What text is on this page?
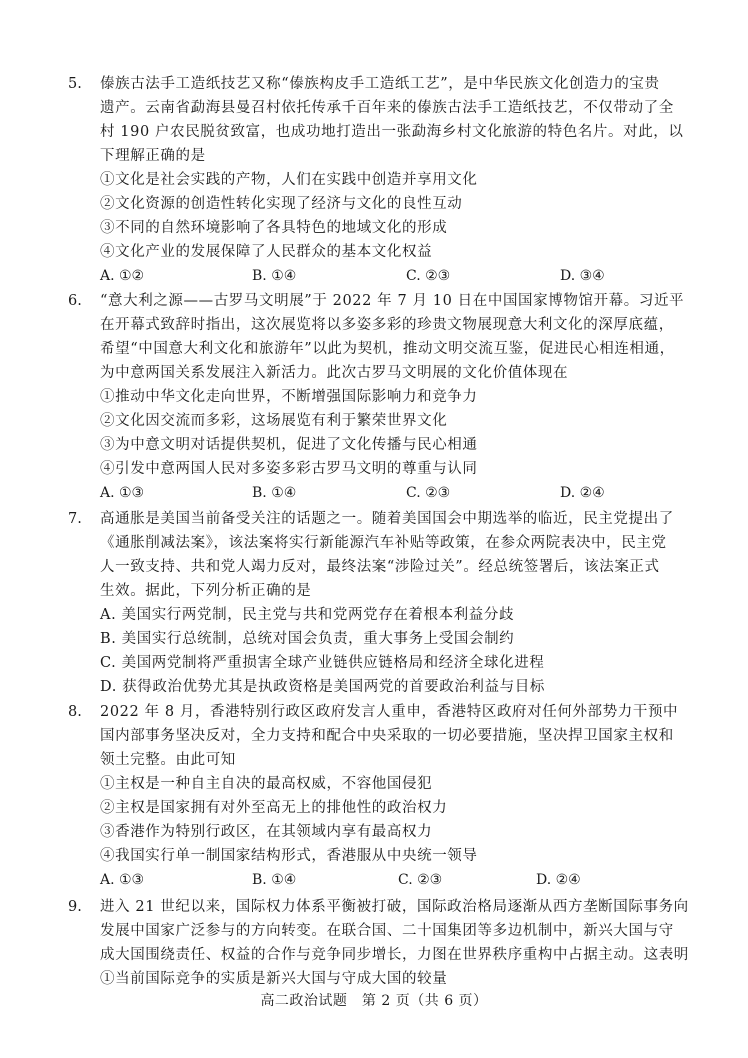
5. 傣族古法手工造纸技艺又称“傣族构皮手工造纸工艺”，是中华民族文化创造力的宝贵
遗产。云南省勐海县曼召村依托传承千百年来的傣族古法手工造纸技艺，不仅带动了全
村 190 户农民脱贫致富，也成功地打造出一张勐海乡村文化旅游的特色名片。对此，以
下理解正确的是
①文化是社会实践的产物，人们在实践中创造并享用文化
②文化资源的创造性转化实现了经济与文化的良性互动
③不同的自然环境影响了各具特色的地域文化的形成
④文化产业的发展保障了人民群众的基本文化权益
A. ①②	B. ①④	C. ②③	D. ③④
6. “意大利之源——古罗马文明展”于 2022 年 7 月 10 日在中国国家博物馆开幕。习近平
在开幕式致辞时指出，这次展览将以多姿多彩的珍贵文物展现意大利文化的深厚底蕴，
希望“中国意大利文化和旅游年”以此为契机，推动文明交流互鉴，促进民心相连相通，
为中意两国关系发展注入新活力。此次古罗马文明展的文化价值体现在
①推动中华文化走向世界，不断增强国际影响力和竞争力
②文化因交流而多彩，这场展览有利于繁荣世界文化
③为中意文明对话提供契机，促进了文化传播与民心相通
④引发中意两国人民对多姿多彩古罗马文明的尊重与认同
A. ①③	B. ①④	C. ②③	D. ②④
7. 高通胀是美国当前备受关注的话题之一。随着美国国会中期选举的临近，民主党提出了
《通胀削减法案》，该法案将实行新能源汽车补贴等政策，在参众两院表决中，民主党
人一致支持、共和党人竭力反对，最终法案“涉险过关”。经总统签署后，该法案正式
生效。据此，下列分析正确的是
A. 美国实行两党制，民主党与共和党两党存在着根本利益分歧
B. 美国实行总统制，总统对国会负责，重大事务上受国会制约
C. 美国两党制将严重损害全球产业链供应链格局和经济全球化进程
D. 获得政治优势尤其是执政资格是美国两党的首要政治利益与目标
8. 2022 年 8 月，香港特别行政区政府发言人重申，香港特区政府对任何外部势力干预中
国内部事务坚决反对，全力支持和配合中央采取的一切必要措施，坚决捍卫国家主权和
领土完整。由此可知
①主权是一种自主自决的最高权威，不容他国侵犯
②主权是国家拥有对外至高无上的排他性的政治权力
③香港作为特别行政区，在其领域内享有最高权力
④我国实行单一制国家结构形式，香港服从中央统一领导
A. ①③	B. ①④	C. ②③	D. ②④
9. 进入 21 世纪以来，国际权力体系平衡被打破，国际政治格局逐渐从西方垄断国际事务向
发展中国家广泛参与的方向转变。在联合国、二十国集团等多边机制中，新兴大国与守
成大国围绕责任、权益的合作与竞争同步增长，力图在世界秩序重构中占据主动。这表明
①当前国际竞争的实质是新兴大国与守成大国的较量
高二政治试题　第 2 页（共 6 页）
